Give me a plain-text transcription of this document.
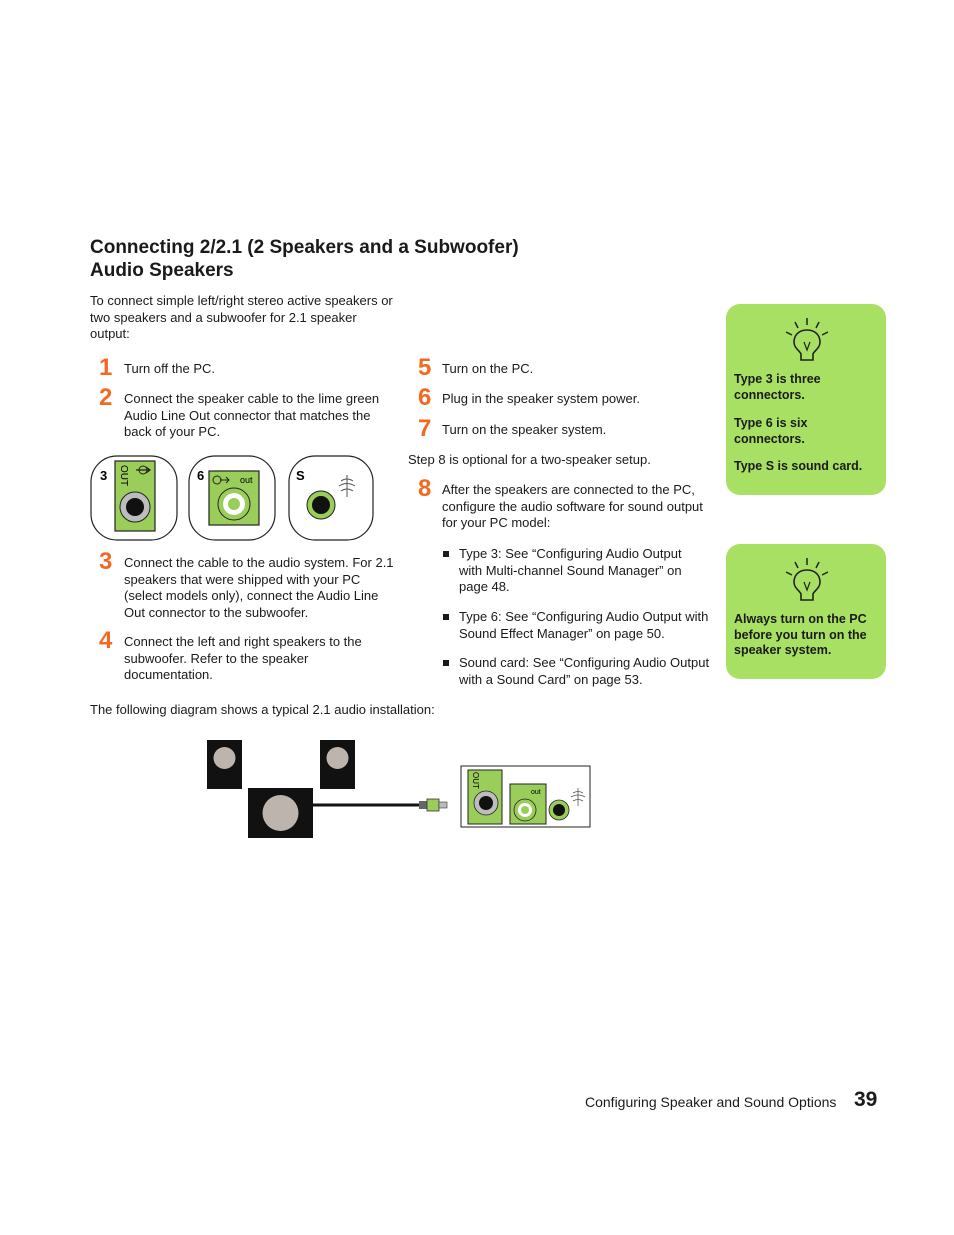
Connecting 2/2.1 (2 Speakers and a Subwoofer)
Audio Speakers
To connect simple left/right stereo active speakers or two speakers and a subwoofer for 2.1 speaker output:
1 Turn off the PC.
2 Connect the speaker cable to the lime green Audio Line Out connector that matches the back of your PC.
3 OUT	6	out	S
3 Connect the cable to the audio system. For 2.1 speakers that were shipped with your PC (select models only), connect the Audio Line Out connector to the subwoofer.
4 Connect the left and right speakers to the subwoofer. Refer to the speaker documentation.
5 Turn on the PC.
6 Plug in the speaker system power.
7 Turn on the speaker system.
Step 8 is optional for a two-speaker setup.
8 After the speakers are connected to the PC, configure the audio software for sound output for your PC model:
Type 3: See “Configuring Audio Output with Multi-channel Sound Manager” on page 48.
Type 6: See “Configuring Audio Output with Sound Effect Manager” on page 50.
Sound card: See “Configuring Audio Output with a Sound Card” on page 53.
Type 3 is three connectors.
Type 6 is six connectors.
Type S is sound card.
Always turn on the PC before you turn on the speaker system.
The following diagram shows a typical 2.1 audio installation:
OUT
out
Configuring Speaker and Sound Options 39
